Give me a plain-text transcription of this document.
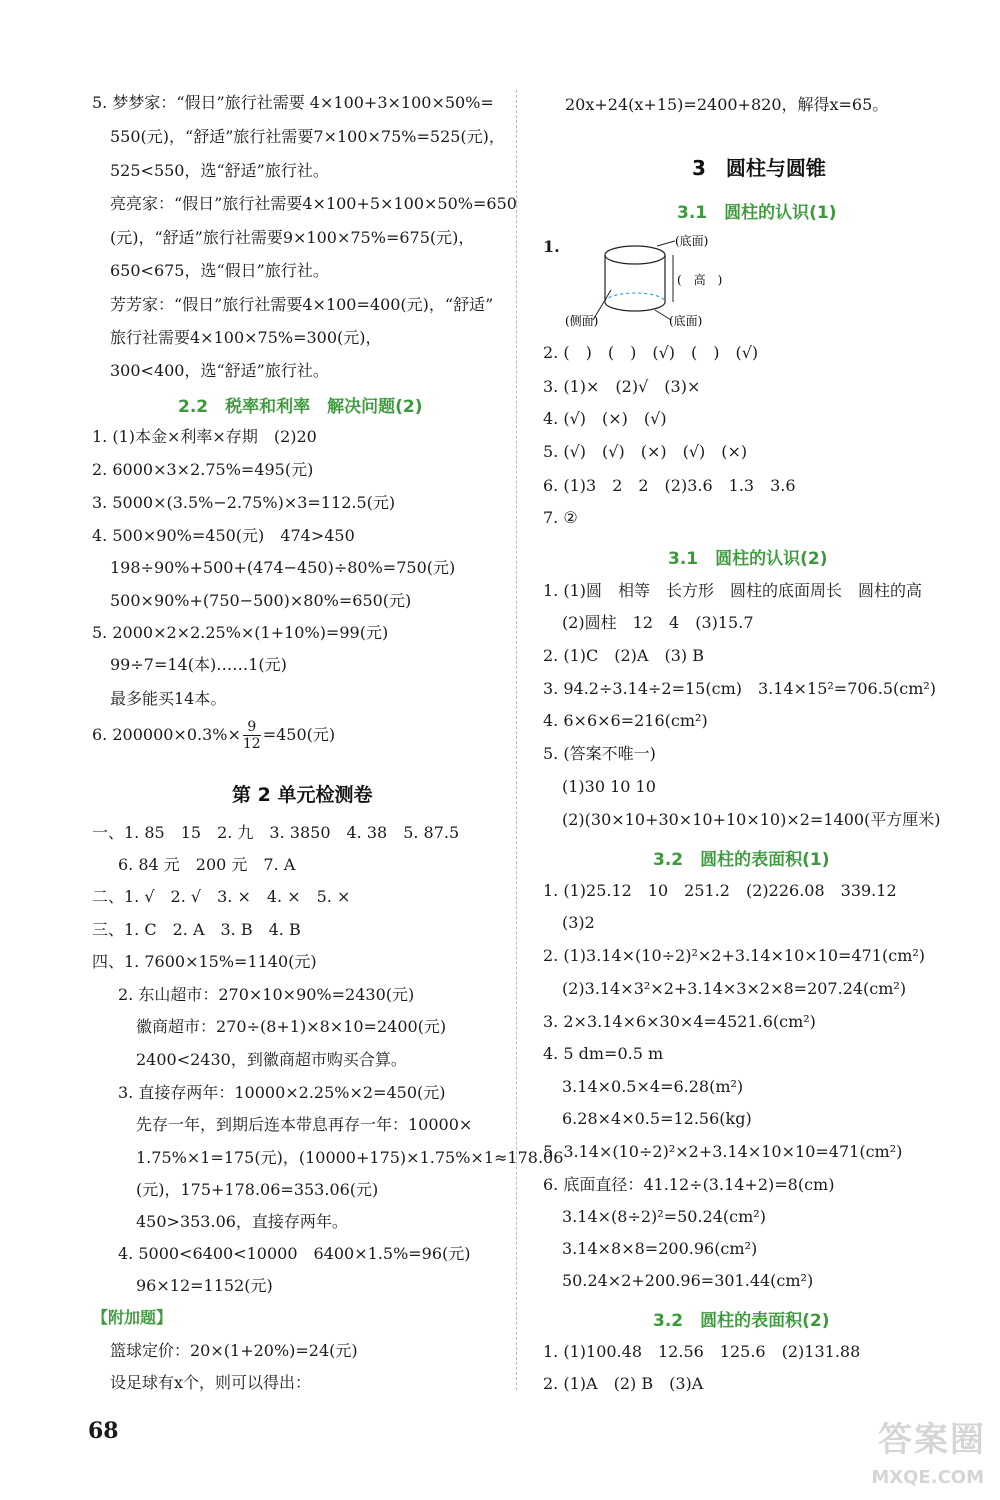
5. 梦梦家：“假日”旅行社需要 4×100+3×100×50%=
550(元)，“舒适”旅行社需要7×100×75%=525(元)，
525<550，选“舒适”旅行社。
亮亮家：“假日”旅行社需要4×100+5×100×50%=650
(元)，“舒适”旅行社需要9×100×75%=675(元)，
650<675，选“假日”旅行社。
芳芳家：“假日”旅行社需要4×100=400(元)，“舒适”
旅行社需要4×100×75%=300(元)，
300<400，选“舒适”旅行社。
2.2　税率和利率　解决问题(2)
1. (1)本金×利率×存期　(2)20
2. 6000×3×2.75%=495(元)
3. 5000×(3.5%−2.75%)×3=112.5(元)
4. 500×90%=450(元)　474>450
198÷90%+500+(474−450)÷80%=750(元)
500×90%+(750−500)×80%=650(元)
5. 2000×2×2.25%×(1+10%)=99(元)
99÷7=14(本)……1(元)
最多能买14本。
6. $200000\times 0.3\%\times \frac{9}{12} =450$(元)
第 2 单元检测卷
一、1. 85　15　2. 九　3. 3850　4. 38　5. 87.5
6. 84 元　200 元　7. A
二、1. √　2. √　3. ×　4. ×　5. ×
三、1. C　2. A　3. B　4. B
四、1. 7600×15%=1140(元)
2. 东山超市：270×10×90%=2430(元)
徽商超市：270÷(8+1)×8×10=2400(元)
2400<2430，到徽商超市购买合算。
3. 直接存两年：10000×2.25%×2=450(元)
先存一年，到期后连本带息再存一年：10000×
1.75%×1=175(元)，(10000+175)×1.75%×1≈178.06
(元)，175+178.06=353.06(元)
450>353.06，直接存两年。
4. 5000<6400<10000　6400×1.5%=96(元)
96×12=1152(元)
【附加题】
篮球定价：20×(1+20%)=24(元)
设足球有x个，则可以得出：
20x+24(x+15)=2400+820，解得x=65。
3　圆柱与圆锥
3.1　圆柱的认识(1)
1.	(底面)
(　高　)
(侧面)	(底面)
2. (　)　(　)　(√)　(　)　(√)
3. (1)×　(2)√　(3)×
4. (√)　(×)　(√)
5. (√)　(√)　(×)　(√)　(×)
6. (1)3　2　2　(2)3.6　1.3　3.6
7. ②
3.1　圆柱的认识(2)
1. (1)圆　相等　长方形　圆柱的底面周长　圆柱的高
(2)圆柱　12　4　(3)15.7
2. (1)C　(2)A　(3) B
3. 94.2÷3.14÷2=15(cm)　3.14×15²=706.5(cm²)
4. 6×6×6=216(cm²)
5. (答案不唯一)
(1)30 10 10
(2)(30×10+30×10+10×10)×2=1400(平方厘米)
3.2　圆柱的表面积(1)
1. (1)25.12　10　251.2　(2)226.08　339.12
(3)2
2. (1)3.14×(10÷2)²×2+3.14×10×10=471(cm²)
(2)3.14×3²×2+3.14×3×2×8=207.24(cm²)
3. 2×3.14×6×30×4=4521.6(cm²)
4. 5 dm=0.5 m
3.14×0.5×4=6.28(m²)
6.28×4×0.5=12.56(kg)
5. 3.14×(10÷2)²×2+3.14×10×10=471(cm²)
6. 底面直径：41.12÷(3.14+2)=8(cm)
3.14×(8÷2)²=50.24(cm²)
3.14×8×8=200.96(cm²)
50.24×2+200.96=301.44(cm²)
3.2　圆柱的表面积(2)
1. (1)100.48　12.56　125.6　(2)131.88
2. (1)A　(2) B　(3)A
68	答案圈
MXQE.COM
